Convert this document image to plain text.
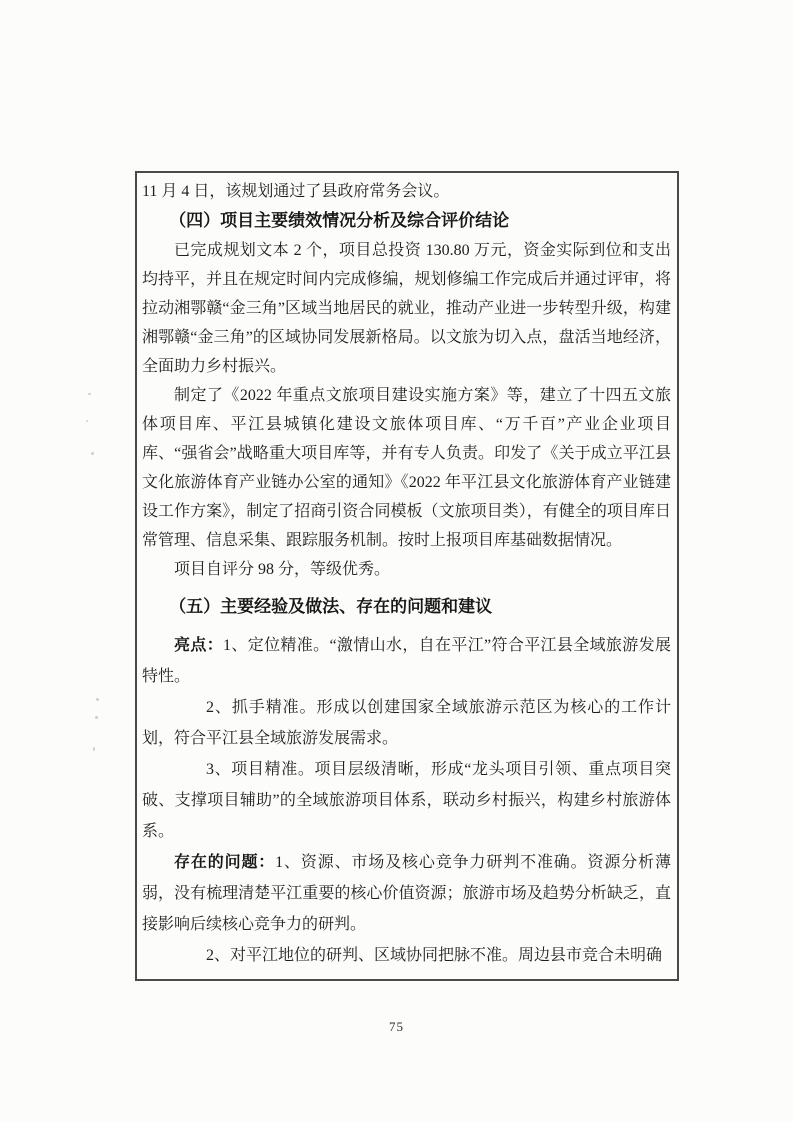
11 月 4 日，该规划通过了县政府常务会议。

（四）项目主要绩效情况分析及综合评价结论

已完成规划文本 2 个，项目总投资 130.80 万元，资金实际到位和支出均持平，并且在规定时间内完成修编，规划修编工作完成后并通过评审，将拉动湘鄂赣“金三角”区域当地居民的就业，推动产业进一步转型升级，构建湘鄂赣“金三角”的区域协同发展新格局。以文旅为切入点，盘活当地经济，全面助力乡村振兴。

制定了《2022 年重点文旅项目建设实施方案》等，建立了十四五文旅体项目库、平江县城镇化建设文旅体项目库、“万千百”产业企业项目库、“强省会”战略重大项目库等，并有专人负责。印发了《关于成立平江县文化旅游体育产业链办公室的通知》《2022 年平江县文化旅游体育产业链建设工作方案》，制定了招商引资合同模板（文旅项目类），有健全的项目库日常管理、信息采集、跟踪服务机制。按时上报项目库基础数据情况。

项目自评分 98 分，等级优秀。

（五）主要经验及做法、存在的问题和建议

亮点：1、定位精准。“激情山水，自在平江”符合平江县全域旅游发展特性。

2、抓手精准。形成以创建国家全域旅游示范区为核心的工作计划，符合平江县全域旅游发展需求。

3、项目精准。项目层级清晰，形成“龙头项目引领、重点项目突破、支撑项目辅助”的全域旅游项目体系，联动乡村振兴，构建乡村旅游体系。

存在的问题：1、资源、市场及核心竞争力研判不准确。资源分析薄弱，没有梳理清楚平江重要的核心价值资源；旅游市场及趋势分析缺乏，直接影响后续核心竞争力的研判。

2、对平江地位的研判、区域协同把脉不准。周边县市竞合未明确

75
